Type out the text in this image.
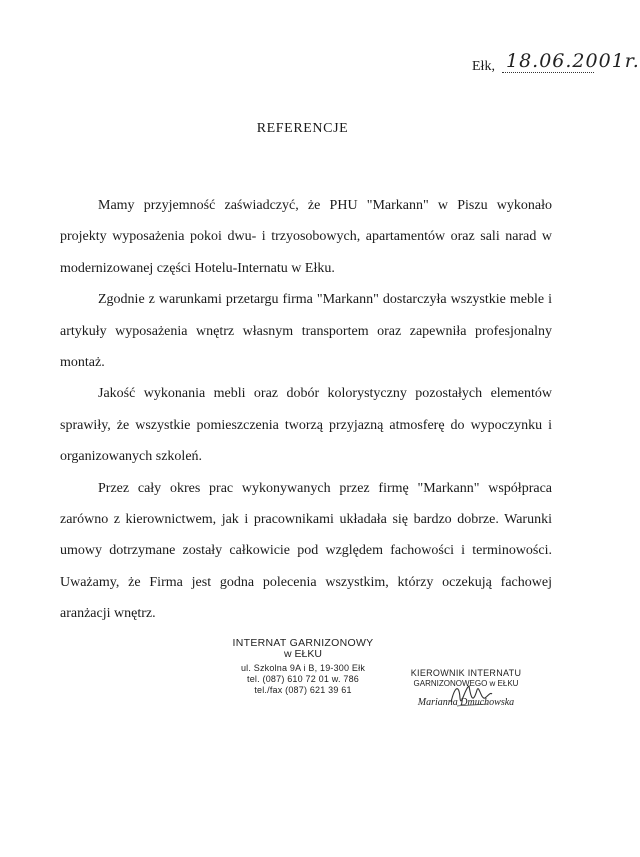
Ełk, 18.06.2001r.
REFERENCJE

Mamy przyjemność zaświadczyć, że PHU "Markann" w Piszu wykonało projekty wyposażenia pokoi dwu- i trzyosobowych, apartamentów oraz sali narad w modernizowanej części Hotelu-Internatu w Ełku.

Zgodnie z warunkami przetargu firma "Markann" dostarczyła wszystkie meble i artykuły wyposażenia wnętrz własnym transportem oraz zapewniła profesjonalny montaż.

Jakość wykonania mebli oraz dobór kolorystyczny pozostałych elementów sprawiły, że wszystkie pomieszczenia tworzą przyjazną atmosferę do wypoczynku i organizowanych szkoleń.

Przez cały okres prac wykonywanych przez firmę "Markann" współpraca zarówno z kierownictwem, jak i pracownikami układała się bardzo dobrze. Warunki umowy dotrzymane zostały całkowicie pod względem fachowości i terminowości. Uważamy, że Firma jest godna polecenia wszystkim, którzy oczekują fachowej aranżacji wnętrz.

INTERNAT GARNIZONOWY
w EŁKU
ul. Szkolna 9A i B, 19-300 Ełk
tel. (087) 610 72 01 w. 786
tel./fax (087) 621 39 61
KIEROWNIK INTERNATU
GARNIZONOWEGO w EŁKU
Marianna Dmuchowska
